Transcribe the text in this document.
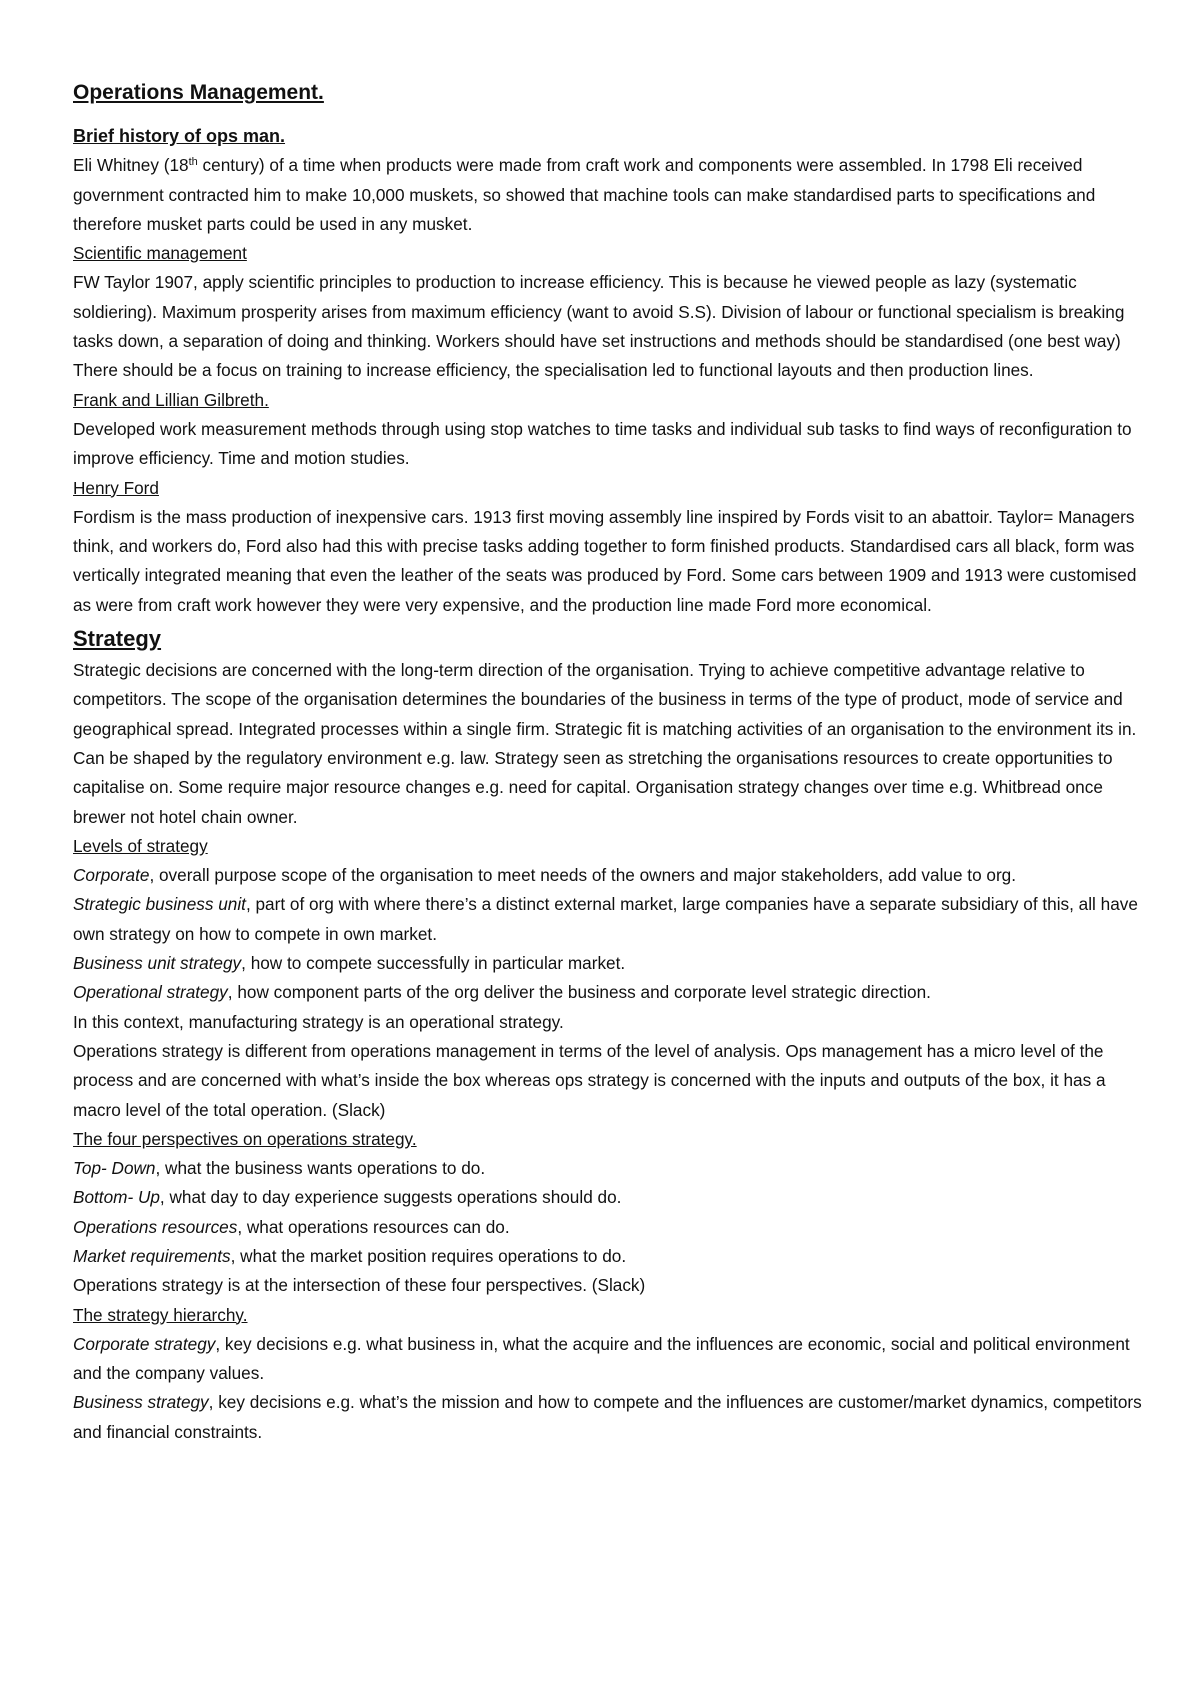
Operations Management.

Brief history of ops man.

Eli Whitney (18th century) of a time when products were made from craft work and components were assembled. In 1798 Eli received government contracted him to make 10,000 muskets, so showed that machine tools can make standardised parts to specifications and therefore musket parts could be used in any musket.

Scientific management

FW Taylor 1907, apply scientific principles to production to increase efficiency. This is because he viewed people as lazy (systematic soldiering). Maximum prosperity arises from maximum efficiency (want to avoid S.S). Division of labour or functional specialism is breaking tasks down, a separation of doing and thinking. Workers should have set instructions and methods should be standardised (one best way) There should be a focus on training to increase efficiency, the specialisation led to functional layouts and then production lines.

Frank and Lillian Gilbreth.

Developed work measurement methods through using stop watches to time tasks and individual sub tasks to find ways of reconfiguration to improve efficiency. Time and motion studies.

Henry Ford

Fordism is the mass production of inexpensive cars. 1913 first moving assembly line inspired by Fords visit to an abattoir. Taylor= Managers think, and workers do, Ford also had this with precise tasks adding together to form finished products. Standardised cars all black, form was vertically integrated meaning that even the leather of the seats was produced by Ford. Some cars between 1909 and 1913 were customised as were from craft work however they were very expensive, and the production line made Ford more economical.

Strategy

Strategic decisions are concerned with the long-term direction of the organisation. Trying to achieve competitive advantage relative to competitors. The scope of the organisation determines the boundaries of the business in terms of the type of product, mode of service and geographical spread. Integrated processes within a single firm. Strategic fit is matching activities of an organisation to the environment its in. Can be shaped by the regulatory environment e.g. law. Strategy seen as stretching the organisations resources to create opportunities to capitalise on. Some require major resource changes e.g. need for capital. Organisation strategy changes over time e.g. Whitbread once brewer not hotel chain owner.

Levels of strategy

Corporate, overall purpose scope of the organisation to meet needs of the owners and major stakeholders, add value to org.

Strategic business unit, part of org with where there’s a distinct external market, large companies have a separate subsidiary of this, all have own strategy on how to compete in own market.

Business unit strategy, how to compete successfully in particular market.

Operational strategy, how component parts of the org deliver the business and corporate level strategic direction.

In this context, manufacturing strategy is an operational strategy.

Operations strategy is different from operations management in terms of the level of analysis. Ops management has a micro level of the process and are concerned with what’s inside the box whereas ops strategy is concerned with the inputs and outputs of the box, it has a macro level of the total operation. (Slack)

The four perspectives on operations strategy.

Top- Down, what the business wants operations to do.

Bottom- Up, what day to day experience suggests operations should do.

Operations resources, what operations resources can do.

Market requirements, what the market position requires operations to do.

Operations strategy is at the intersection of these four perspectives. (Slack)

The strategy hierarchy.

Corporate strategy, key decisions e.g. what business in, what the acquire and the influences are economic, social and political environment and the company values.

Business strategy, key decisions e.g. what’s the mission and how to compete and the influences are customer/market dynamics, competitors and financial constraints.
